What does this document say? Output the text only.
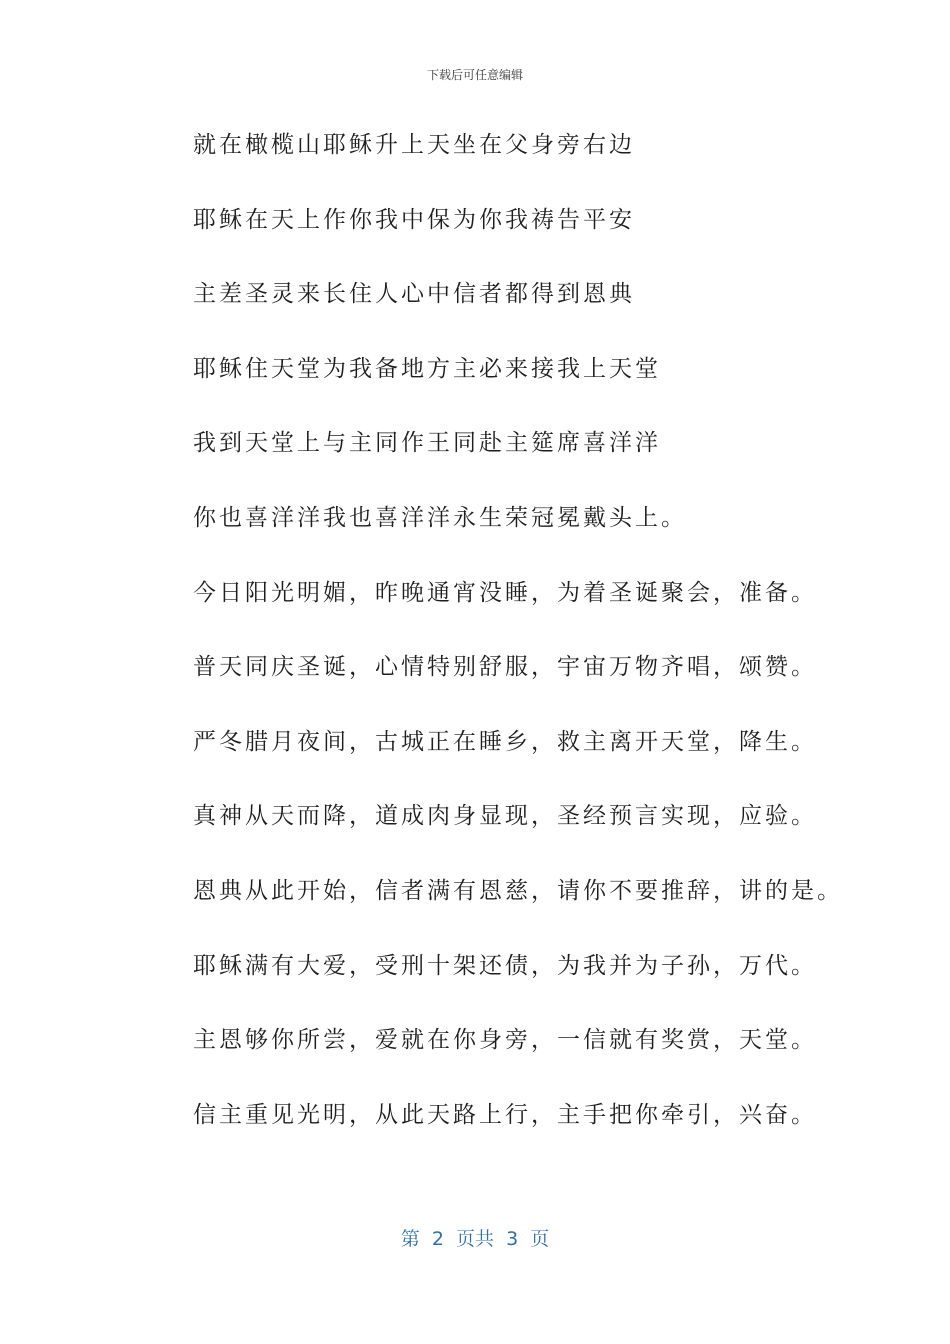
下载后可任意编辑

就在橄榄山耶稣升上天坐在父身旁右边

耶稣在天上作你我中保为你我祷告平安

主差圣灵来长住人心中信者都得到恩典

耶稣住天堂为我备地方主必来接我上天堂

我到天堂上与主同作王同赴主筵席喜洋洋

你也喜洋洋我也喜洋洋永生荣冠冕戴头上。

今日阳光明媚，昨晚通宵没睡，为着圣诞聚会，准备。

普天同庆圣诞，心情特别舒服，宇宙万物齐唱，颂赞。

严冬腊月夜间，古城正在睡乡，救主离开天堂，降生。

真神从天而降，道成肉身显现，圣经预言实现，应验。

恩典从此开始，信者满有恩慈，请你不要推辞，讲的是。

耶稣满有大爱，受刑十架还债，为我并为子孙，万代。

主恩够你所尝，爱就在你身旁，一信就有奖赏，天堂。

信主重见光明，从此天路上行，主手把你牵引，兴奋。

第  2  页共  3  页
